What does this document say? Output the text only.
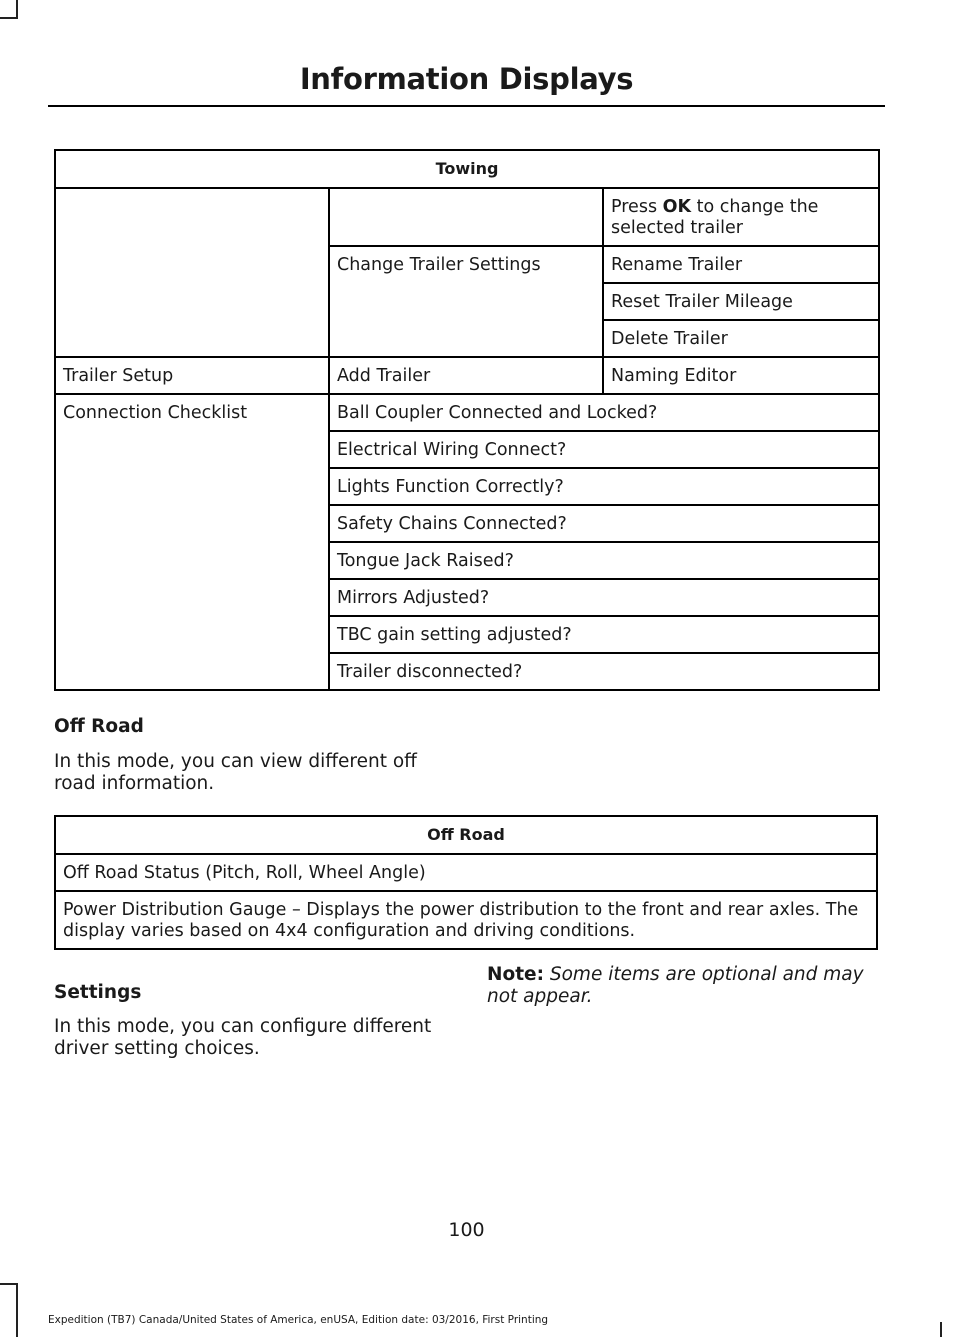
Information Displays
Towing		
		Press OK to change the selected trailer
	Change Trailer Settings	Rename Trailer
		Reset Trailer Mileage
		Delete Trailer
Trailer Setup	Add Trailer	Naming Editor
Connection Checklist	Ball Coupler Connected and Locked?	
	Electrical Wiring Connect?	
	Lights Function Correctly?	
	Safety Chains Connected?	
	Tongue Jack Raised?	
	Mirrors Adjusted?	
	TBC gain setting adjusted?	
	Trailer disconnected?	
Off Road
In this mode, you can view different off road information.
Off Road
Off Road Status (Pitch, Roll, Wheel Angle)
Power Distribution Gauge – Displays the power distribution to the front and rear axles. The display varies based on 4x4 configuration and driving conditions.
Settings
In this mode, you can configure different driver setting choices.
Note: Some items are optional and may not appear.
100
Expedition (TB7) Canada/United States of America, enUSA, Edition date: 03/2016, First Printing
